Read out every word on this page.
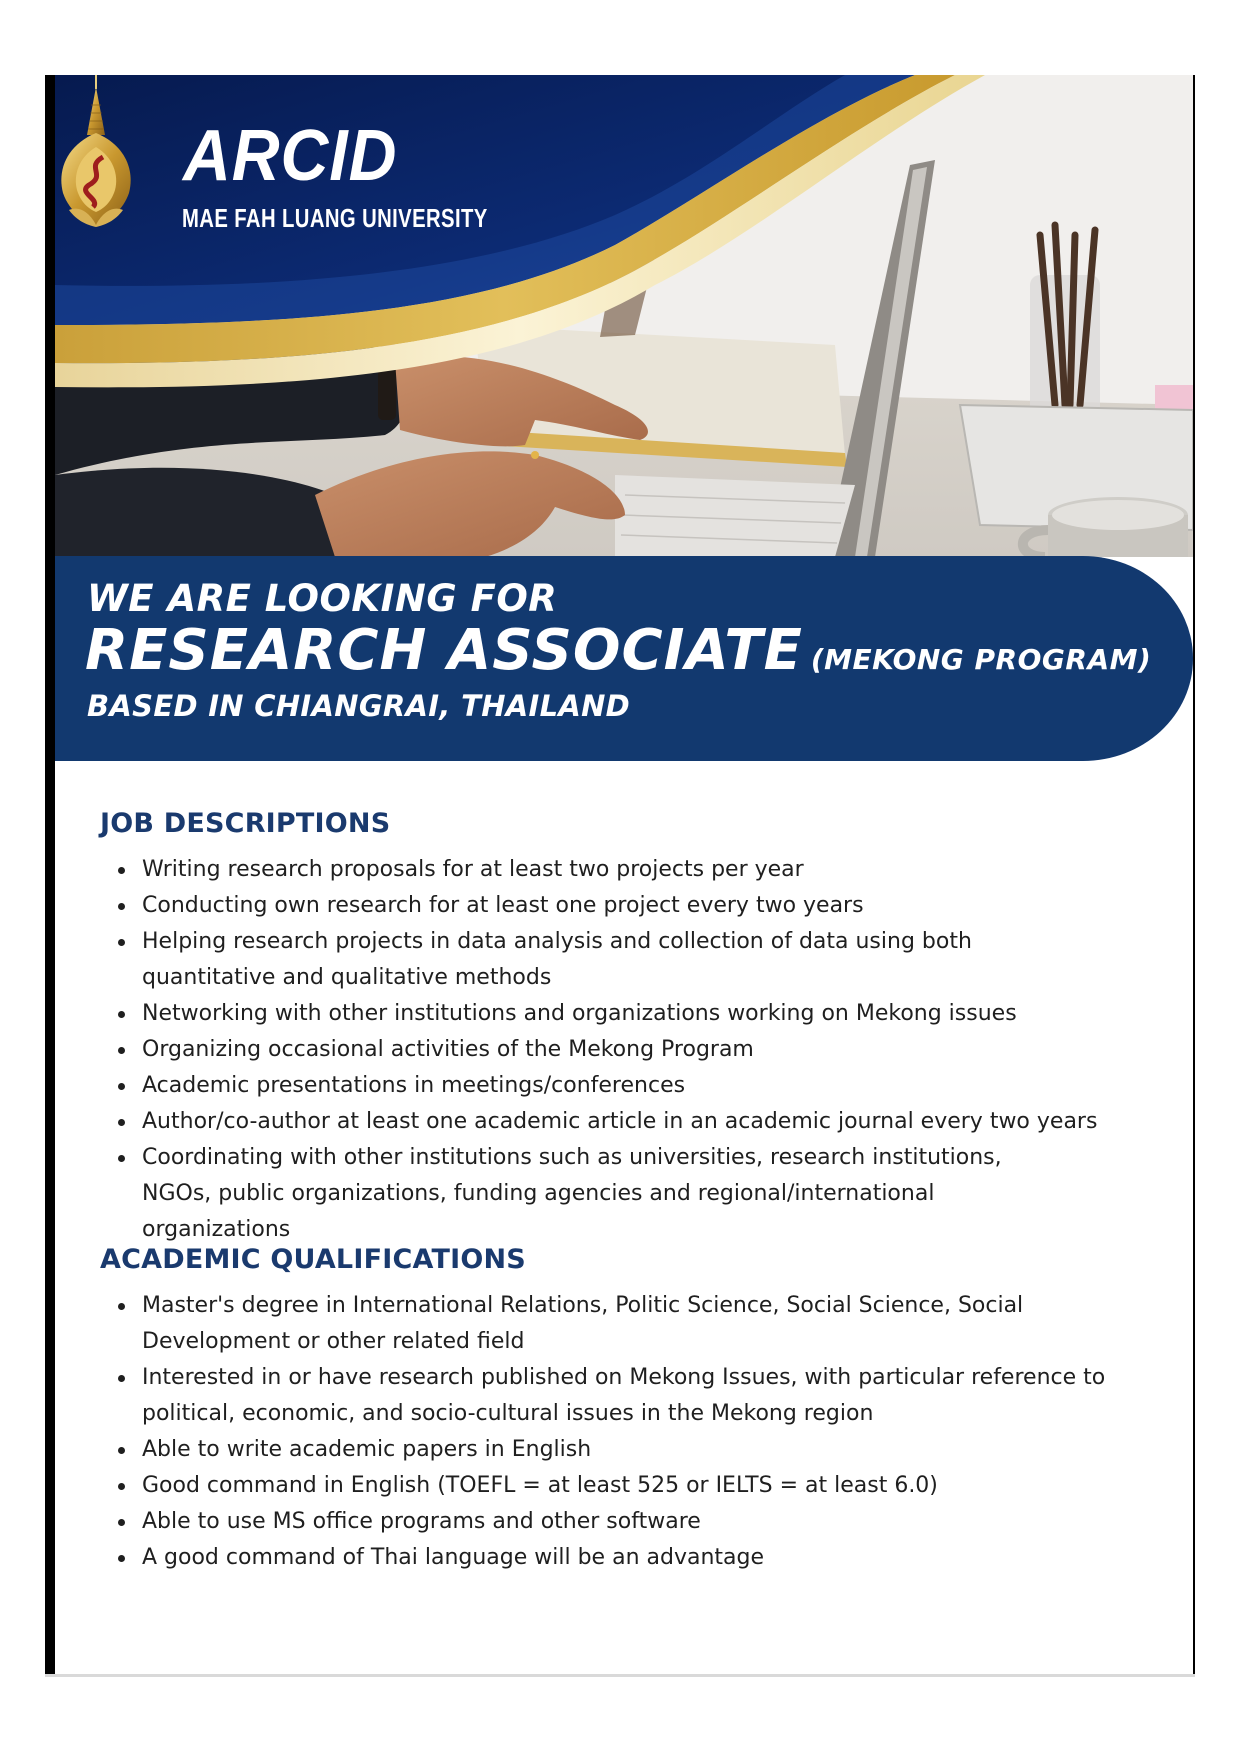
ARCID
MAE FAH LUANG UNIVERSITY
WE ARE LOOKING FOR
RESEARCH ASSOCIATE (MEKONG PROGRAM)
BASED IN CHIANGRAI, THAILAND
JOB DESCRIPTIONS
Writing research proposals for at least two projects per year
Conducting own research for at least one project every two years
Helping research projects in data analysis and collection of data using both quantitative and qualitative methods
Networking with other institutions and organizations working on Mekong issues
Organizing occasional activities of the Mekong Program
Academic presentations in meetings/conferences
Author/co-author at least one academic article in an academic journal every two years
Coordinating with other institutions such as universities, research institutions, NGOs, public organizations, funding agencies and regional/international organizations
ACADEMIC QUALIFICATIONS
Master's degree in International Relations, Politic Science, Social Science, Social Development or other related field
Interested in or have research published on Mekong Issues, with particular reference to political, economic, and socio-cultural issues in the Mekong region
Able to write academic papers in English
Good command in English (TOEFL = at least 525 or IELTS = at least 6.0)
Able to use MS office programs and other software
A good command of Thai language will be an advantage
